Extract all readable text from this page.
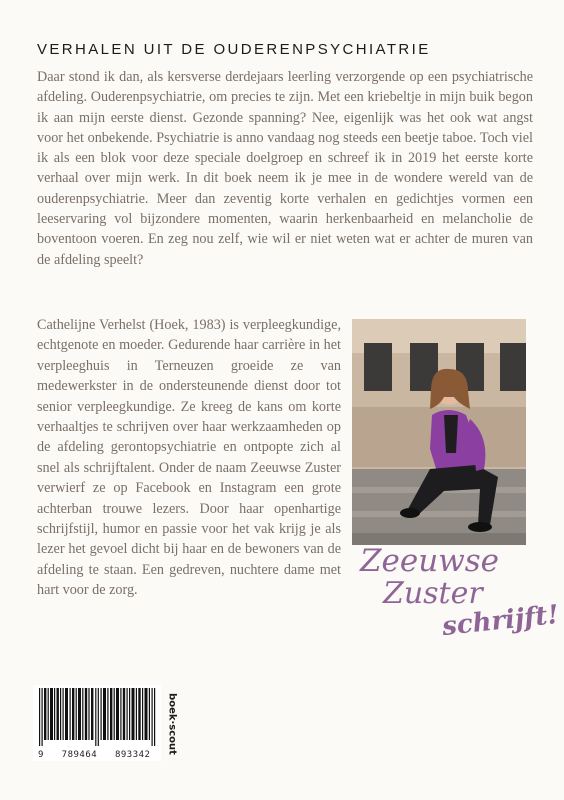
VERHALEN UIT DE OUDERENPSYCHIATRIE

Daar stond ik dan, als kersverse derdejaars leerling verzorgende op een psychiatrische afdeling. Ouderenpsychiatrie, om precies te zijn. Met een kriebeltje in mijn buik begon ik aan mijn eerste dienst. Gezonde spanning? Nee, eigenlijk was het ook wat angst voor het onbekende. Psychiatrie is anno vandaag nog steeds een beetje taboe. Toch viel ik als een blok voor deze speciale doelgroep en schreef ik in 2019 het eerste korte verhaal over mijn werk. In dit boek neem ik je mee in de wondere wereld van de ouderenpsychiatrie. Meer dan zeventig korte verhalen en gedichtjes vormen een leeservaring vol bijzondere momenten, waarin herkenbaarheid en melancholie de boventoon voeren. En zeg nou zelf, wie wil er niet weten wat er achter de muren van de afdeling speelt?

Cathelijne Verhelst (Hoek, 1983) is verpleegkundige, echtgenote en moeder. Gedurende haar carrière in het verpleeghuis in Terneuzen groeide ze van medewerkster in de ondersteunende dienst door tot senior verpleegkundige. Ze kreeg de kans om korte verhaaltjes te schrijven over haar werkzaamheden op de afdeling gerontopsychiatrie en ontpopte zich al snel als schrijftalent. Onder de naam Zeeuwse Zuster verwierf ze op Facebook en Instagram een grote achterban trouwe lezers. Door haar openhartige schrijfstijl, humor en passie voor het vak krijg je als lezer het gevoel dicht bij haar en de bewoners van de afdeling te staan. Een gedreven, nuchtere dame met hart voor de zorg.

Zeeuwse
Zuster
schrijft!
9   789464   893342
boek·scout
